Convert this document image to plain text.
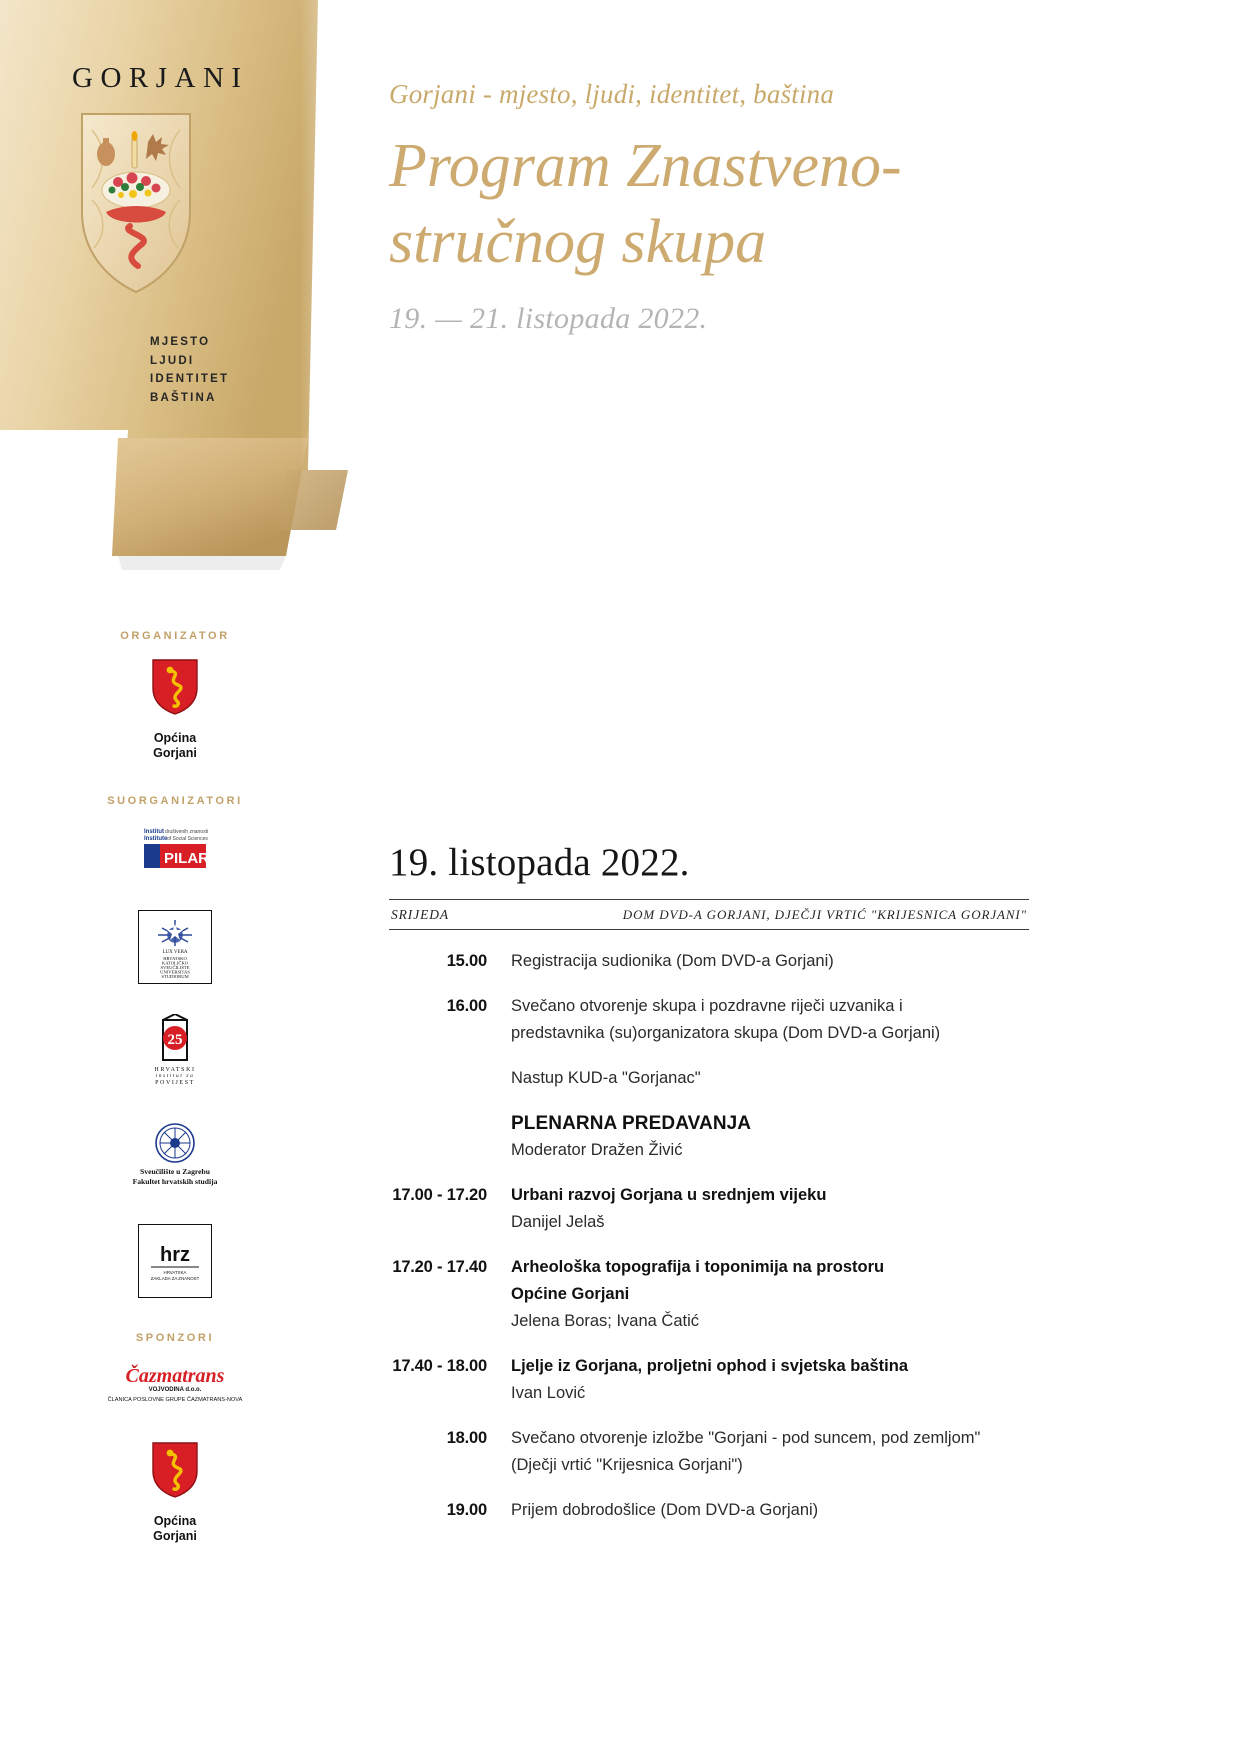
GORJANI
MJESTO
LJUDI
IDENTITET
BAŠTINA

Gorjani - mjesto, ljudi, identitet, baština

Program Znastveno-
stručnog skupa

19. — 21. listopada 2022.

ORGANIZATOR

Općina
Gorjani

SUORGANIZATORI

Institut društvenih znanosti
Institute of Social Sciences
PILAR
LUX VERA
HRVATSKO
KATOLIČKO
SVEUČILIŠTE
UNIVERSITAS
STUDIORUM
25
HRVATSKI
institut za
POVIJEST
Sveučilište u Zagrebu
Fakultet hrvatskih studija
hrz
HRVATSKA
ZAKLADA ZA ZNANOST

SPONZORI

Čazmatrans
VOJVODINA d.o.o.
ČLANICA POSLOVNE GRUPE ČAZMATRANS-NOVA

Općina
Gorjani

19. listopada 2022.
SRIJEDA	DOM DVD-A GORJANI, DJEČJI VRTIĆ "KRIJESNICA GORJANI"
15.00	Registracija sudionika (Dom DVD-a Gorjani)

16.00	Svečano otvorenje skupa i pozdravne riječi uzvanika i

predstavnika (su)organizatora skupa (Dom DVD-a Gorjani)

Nastup KUD-a "Gorjanac"

PLENARNA PREDAVANJA

Moderator Dražen Živić

17.00 - 17.20	Urbani razvoj Gorjana u srednjem vijeku

Danijel Jelaš

17.20 - 17.40	Arheološka topografija i toponimija na prostoru

Općine Gorjani

Jelena Boras; Ivana Čatić

17.40 - 18.00	Ljelje iz Gorjana, proljetni ophod i svjetska baština

Ivan Lović

18.00	Svečano otvorenje izložbe "Gorjani - pod suncem, pod zemljom"

(Dječji vrtić "Krijesnica Gorjani")

19.00	Prijem dobrodošlice (Dom DVD-a Gorjani)
